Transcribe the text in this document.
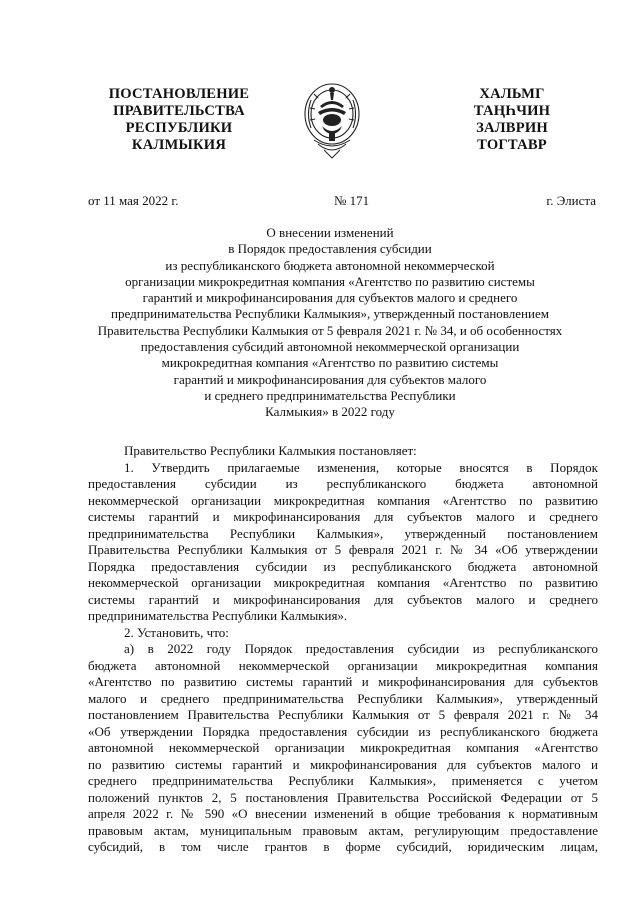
ПОСТАНОВЛЕНИЕ
ПРАВИТЕЛЬСТВА
РЕСПУБЛИКИ
КАЛМЫКИЯ
ХАЛЬМГ
ТАҢҺЧИН
ЗАЛВРИН
ТОГТАВР
от 11 мая 2022 г.	№ 171	г. Элиста
О внесении изменений
в Порядок предоставления субсидии
из республиканского бюджета автономной некоммерческой
организации микрокредитная компания «Агентство по развитию системы
гарантий и микрофинансирования для субъектов малого и среднего
предпринимательства Республики Калмыкия», утвержденный постановлением
Правительства Республики Калмыкия от 5 февраля 2021 г. № 34, и об особенностях
предоставления субсидий автономной некоммерческой организации
микрокредитная компания «Агентство по развитию системы
гарантий и микрофинансирования для субъектов малого
и среднего предпринимательства Республики
Калмыкия» в 2022 году
Правительство Республики Калмыкия постановляет:
1. Утвердить прилагаемые изменения, которые вносятся в Порядок
предоставления субсидии из республиканского бюджета автономной
некоммерческой организации микрокредитная компания «Агентство по развитию
системы гарантий и микрофинансирования для субъектов малого и среднего
предпринимательства Республики Калмыкия», утвержденный постановлением
Правительства Республики Калмыкия от 5 февраля 2021 г. № 34 «Об утверждении
Порядка предоставления субсидии из республиканского бюджета автономной
некоммерческой организации микрокредитная компания «Агентство по развитию
системы гарантий и микрофинансирования для субъектов малого и среднего
предпринимательства Республики Калмыкия».
2. Установить, что:
а) в 2022 году Порядок предоставления субсидии из республиканского
бюджета автономной некоммерческой организации микрокредитная компания
«Агентство по развитию системы гарантий и микрофинансирования для субъектов
малого и среднего предпринимательства Республики Калмыкия», утвержденный
постановлением Правительства Республики Калмыкия от 5 февраля 2021 г. № 34
«Об утверждении Порядка предоставления субсидии из республиканского бюджета
автономной некоммерческой организации микрокредитная компания «Агентство
по развитию системы гарантий и микрофинансирования для субъектов малого и
среднего предпринимательства Республики Калмыкия», применяется с учетом
положений пунктов 2, 5 постановления Правительства Российской Федерации от 5
апреля 2022 г. № 590 «О внесении изменений в общие требования к нормативным
правовым актам, муниципальным правовым актам, регулирующим предоставление
субсидий, в том числе грантов в форме субсидий, юридическим лицам,
